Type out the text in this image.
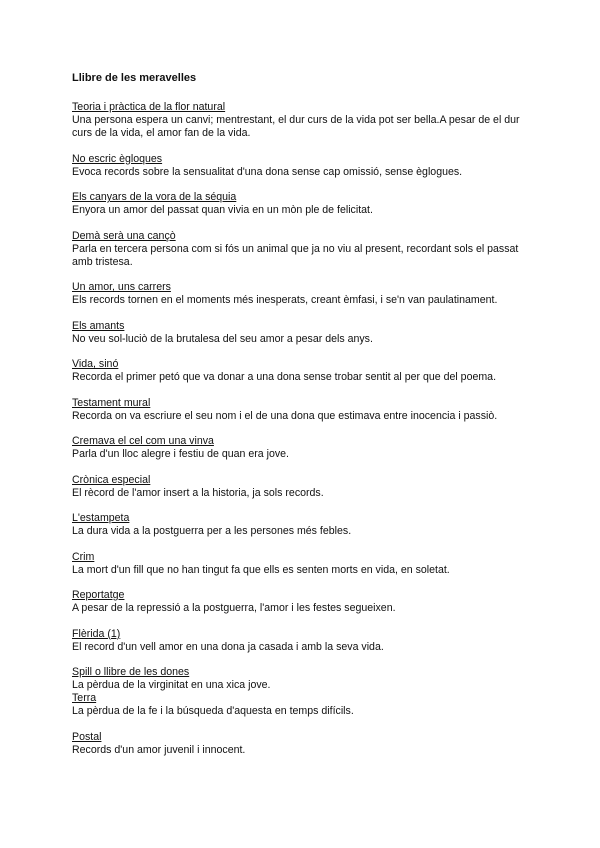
Llibre de les meravelles
Teoria i pràctica de la flor natural
Una persona espera un canvi; mentrestant, el dur curs de la vida pot ser bella.A pesar de el dur curs de la vida, el amor fan de la vida.
No escric ègloques
Evoca records sobre la sensualitat d'una dona sense cap omissió, sense èglogues.
Els canyars de la vora de la séquia
Enyora un amor del passat quan vivia en un mòn ple de felicitat.
Demà serà una cançò
Parla en tercera persona com si fós un animal que ja no viu al present, recordant sols el passat amb tristesa.
Un amor, uns carrers
Els records tornen en el moments més inesperats, creant èmfasi, i se'n van paulatinament.
Els amants
No veu sol-luciò de la brutalesa del seu amor a pesar dels anys.
Vida, sinó
Recorda el primer petó que va donar a una dona sense trobar sentit al per que del poema.
Testament mural
Recorda on va escriure el seu nom i el de una dona que estimava entre inocencia i passiò.
Cremava el cel com una vinva
Parla d'un lloc alegre i festiu de quan era jove.
Crònica especial
El rècord de l'amor insert a la historia, ja sols records.
L'estampeta
La dura vida a la postguerra per a les persones més febles.
Crim
La mort d'un fill que no han tingut fa que ells es senten morts en vida, en soletat.
Reportatge
A pesar de la repressió a la postguerra, l'amor i les festes segueixen.
Flèrida (1)
El record d'un vell amor en una dona ja casada i amb la seva vida.
Spill o llibre de les dones
La pèrdua de la virginitat en una xica jove.
Terra
La pèrdua de la fe i la búsqueda d'aquesta en temps difícils.
Postal
Records d'un amor juvenil i innocent.
